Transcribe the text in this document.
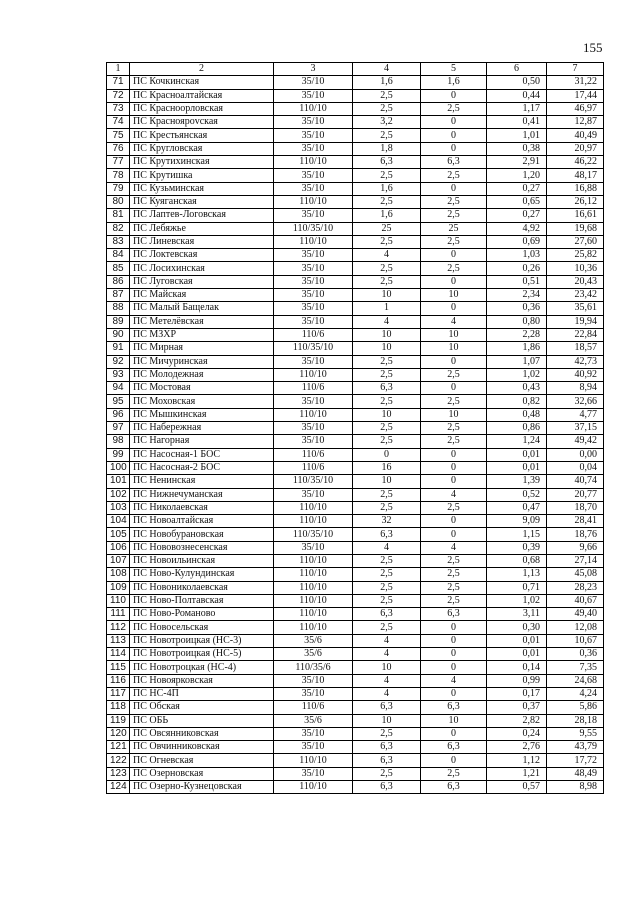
155
1	2	3	4	5	6	7
71	ПС Кочкинская	35/10	1,6	1,6	0,50	31,22
72	ПС Краснoалтайская	35/10	2,5	0	0,44	17,44
73	ПС Красноорловская	110/10	2,5	2,5	1,17	46,97
74	ПС Красноярovская	35/10	3,2	0	0,41	12,87
75	ПС Крестьянская	35/10	2,5	0	1,01	40,49
76	ПС Кругловская	35/10	1,8	0	0,38	20,97
77	ПС Крутихинская	110/10	6,3	6,3	2,91	46,22
78	ПС Крутишка	35/10	2,5	2,5	1,20	48,17
79	ПС Кузьминская	35/10	1,6	0	0,27	16,88
80	ПС Куяганская	110/10	2,5	2,5	0,65	26,12
81	ПС Лаптев-Логовская	35/10	1,6	2,5	0,27	16,61
82	ПС Лебяжье	110/35/10	25	25	4,92	19,68
83	ПС Линевская	110/10	2,5	2,5	0,69	27,60
84	ПС Локтевская	35/10	4	0	1,03	25,82
85	ПС Лосихинская	35/10	2,5	2,5	0,26	10,36
86	ПС Луговская	35/10	2,5	0	0,51	20,43
87	ПС Майская	35/10	10	10	2,34	23,42
88	ПС Малый Бащелак	35/10	1	0	0,36	35,61
89	ПС Метелёвская	35/10	4	4	0,80	19,94
90	ПС МЗХР	110/6	10	10	2,28	22,84
91	ПС Мирная	110/35/10	10	10	1,86	18,57
92	ПС Мичуринская	35/10	2,5	0	1,07	42,73
93	ПС Молодежная	110/10	2,5	2,5	1,02	40,92
94	ПС Мостовая	110/6	6,3	0	0,43	8,94
95	ПС Моховская	35/10	2,5	2,5	0,82	32,66
96	ПС Мышкинская	110/10	10	10	0,48	4,77
97	ПС Набережная	35/10	2,5	2,5	0,86	37,15
98	ПС Нагорная	35/10	2,5	2,5	1,24	49,42
99	ПС Насосная-1 БОС	110/6	0	0	0,01	0,00
100	ПС Насосная-2 БОС	110/6	16	0	0,01	0,04
101	ПС Ненинская	110/35/10	10	0	1,39	40,74
102	ПС Нижнечуманская	35/10	2,5	4	0,52	20,77
103	ПС Николаевская	110/10	2,5	2,5	0,47	18,70
104	ПС Новоалтайская	110/10	32	0	9,09	28,41
105	ПС Новобурановская	110/35/10	6,3	0	1,15	18,76
106	ПС Нововознесенская	35/10	4	4	0,39	9,66
107	ПС Новоильинская	110/10	2,5	2,5	0,68	27,14
108	ПС Ново-Кулундинская	110/10	2,5	2,5	1,13	45,08
109	ПС Новониколаевская	110/10	2,5	2,5	0,71	28,23
110	ПС Ново-Полтавская	110/10	2,5	2,5	1,02	40,67
111	ПС Ново-Романово	110/10	6,3	6,3	3,11	49,40
112	ПС Новосельская	110/10	2,5	0	0,30	12,08
113	ПС Новотроицкая (НС-3)	35/6	4	0	0,01	10,67
114	ПС Новотроицкая (НС-5)	35/6	4	0	0,01	0,36
115	ПС Новотроцкая (НС-4)	110/35/6	10	0	0,14	7,35
116	ПС Новоярковская	35/10	4	4	0,99	24,68
117	ПС НС-4П	35/10	4	0	0,17	4,24
118	ПС Обская	110/6	6,3	6,3	0,37	5,86
119	ПС ОБЬ	35/6	10	10	2,82	28,18
120	ПС Овсянниковская	35/10	2,5	0	0,24	9,55
121	ПС Овчинниковская	35/10	6,3	6,3	2,76	43,79
122	ПС Огневская	110/10	6,3	0	1,12	17,72
123	ПС Озерновская	35/10	2,5	2,5	1,21	48,49
124	ПС Озерно-Кузнецовская	110/10	6,3	6,3	0,57	8,98
